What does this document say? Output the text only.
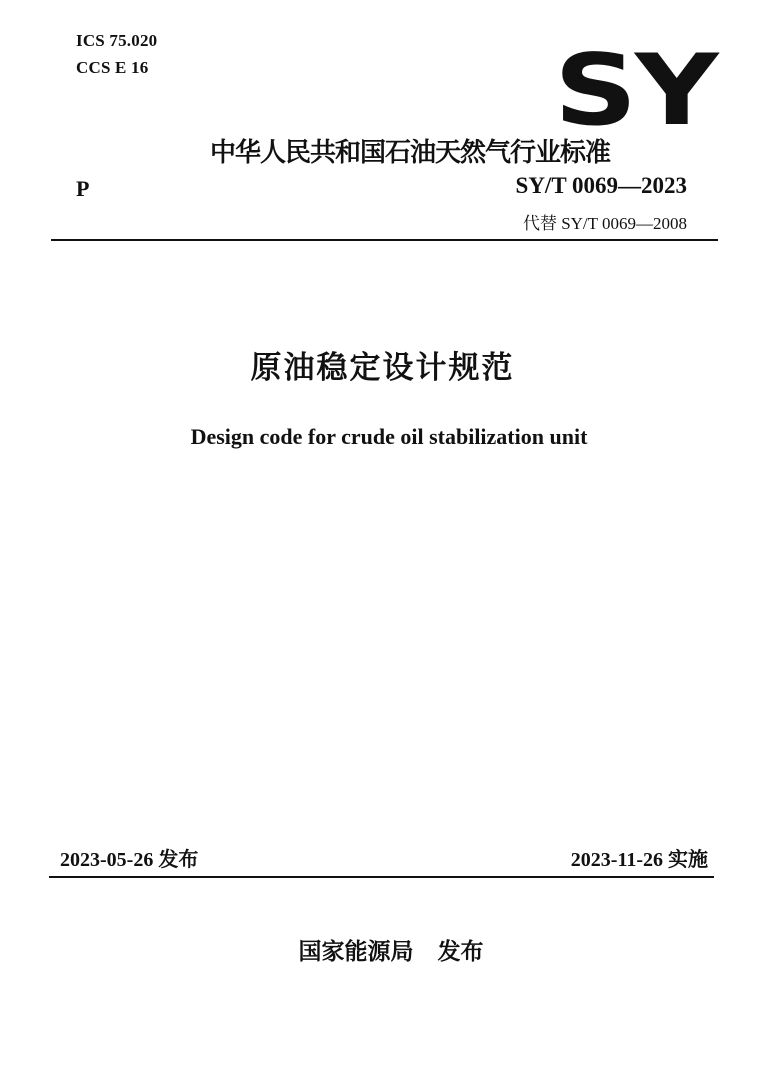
ICS 75.020
CCS E 16	SY
中华人民共和国石油天然气行业标准
P	SY/T 0069—2023
代替 SY/T 0069—2008
原油稳定设计规范
Design code for crude oil stabilization unit
2023-05-26 发布	2023-11-26 实施
国家能源局 发布
